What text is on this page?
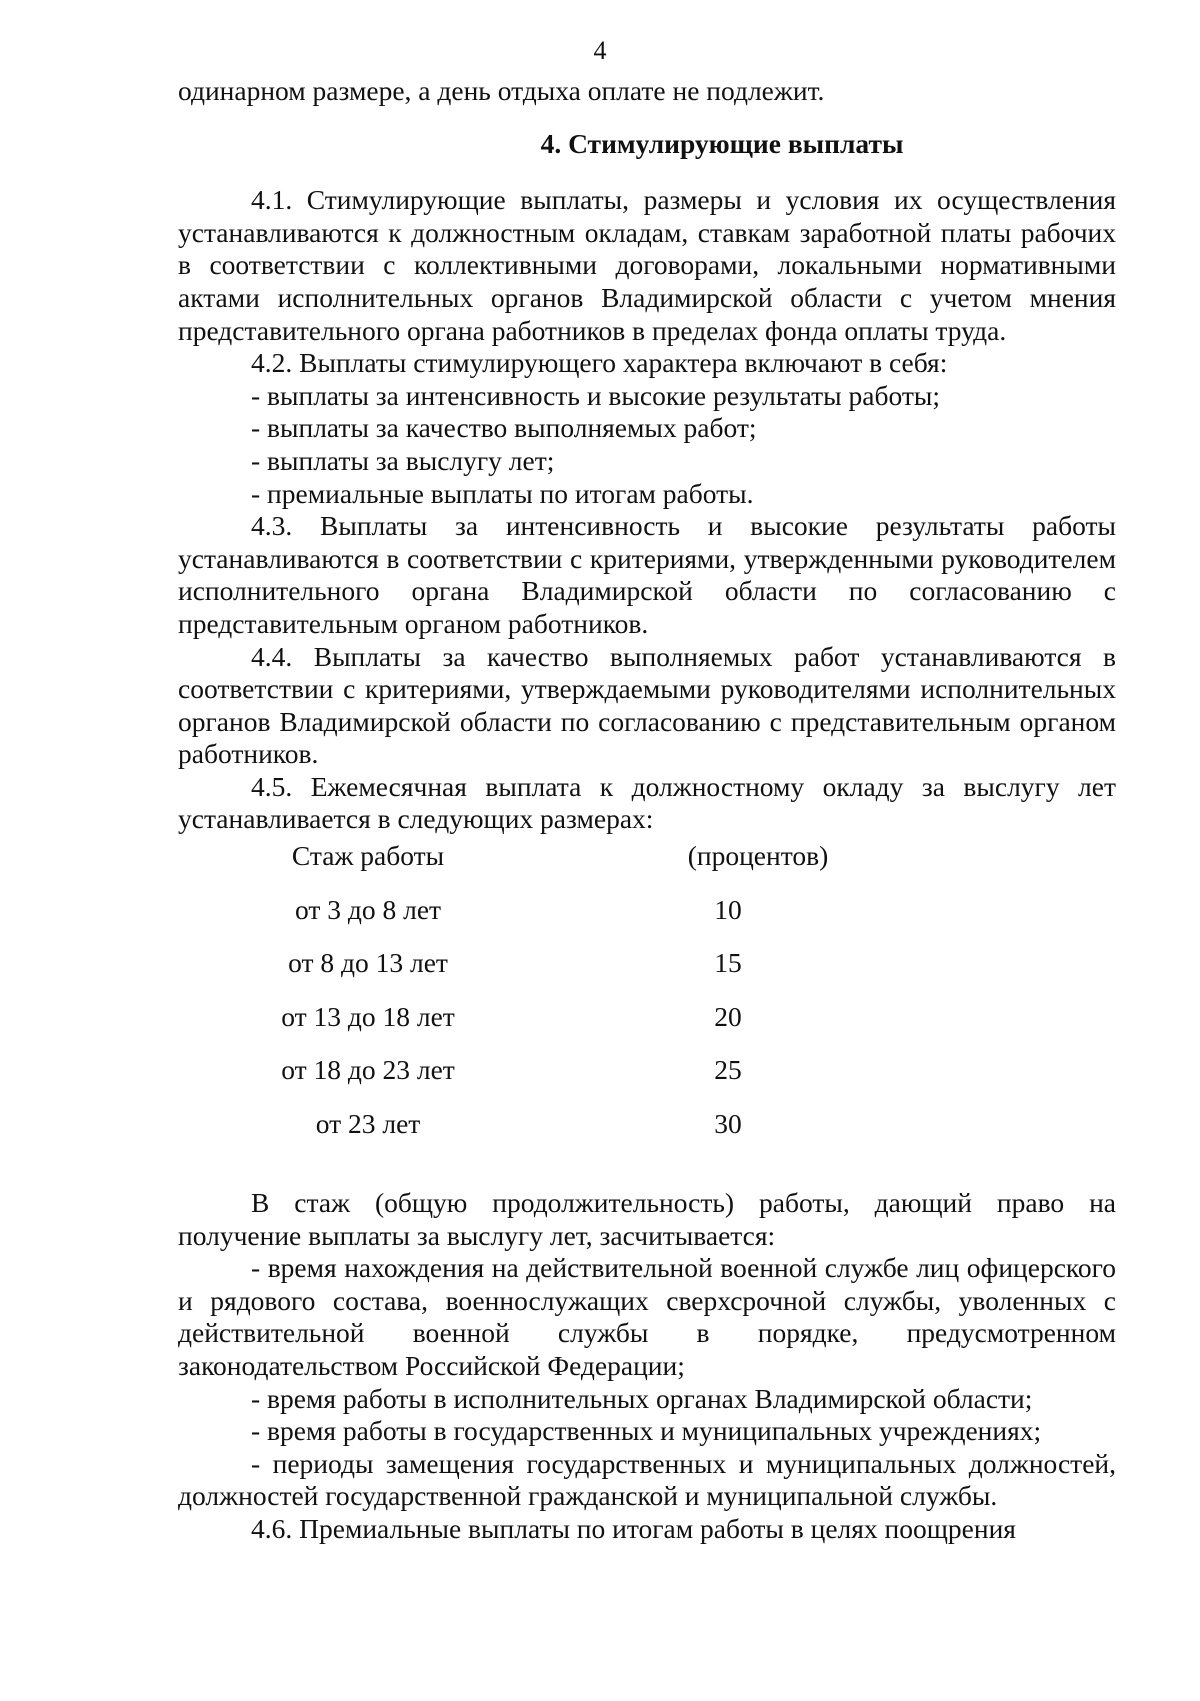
4

одинарном размере, а день отдыха оплате не подлежит.

4. Стимулирующие выплаты

4.1. Стимулирующие выплаты, размеры и условия их осуществления устанавливаются к должностным окладам, ставкам заработной платы рабочих в соответствии с коллективными договорами, локальными нормативными актами исполнительных органов Владимирской области с учетом мнения представительного органа работников в пределах фонда оплаты труда.

4.2. Выплаты стимулирующего характера включают в себя:

- выплаты за интенсивность и высокие результаты работы;

- выплаты за качество выполняемых работ;

- выплаты за выслугу лет;

- премиальные выплаты по итогам работы.

4.3. Выплаты за интенсивность и высокие результаты работы устанавливаются в соответствии с критериями, утвержденными руководителем исполнительного органа Владимирской области по согласованию с представительным органом работников.

4.4. Выплаты за качество выполняемых работ устанавливаются в соответствии с критериями, утверждаемыми руководителями исполнительных органов Владимирской области по согласованию с представительным органом работников.

4.5. Ежемесячная выплата к должностному окладу за выслугу лет устанавливается в следующих размерах:

Стаж работы	(процентов)
от 3 до 8 лет	10
от 8 до 13 лет	15
от 13 до 18 лет	20
от 18 до 23 лет	25
от 23 лет	30

В стаж (общую продолжительность) работы, дающий право на получение выплаты за выслугу лет, засчитывается:

- время нахождения на действительной военной службе лиц офицерского и рядового состава, военнослужащих сверхсрочной службы, уволенных с действительной военной службы в порядке, предусмотренном законодательством Российской Федерации;

- время работы в исполнительных органах Владимирской области;

- время работы в государственных и муниципальных учреждениях;

- периоды замещения государственных и муниципальных должностей, должностей государственной гражданской и муниципальной службы.

4.6. Премиальные выплаты по итогам работы в целях поощрения
